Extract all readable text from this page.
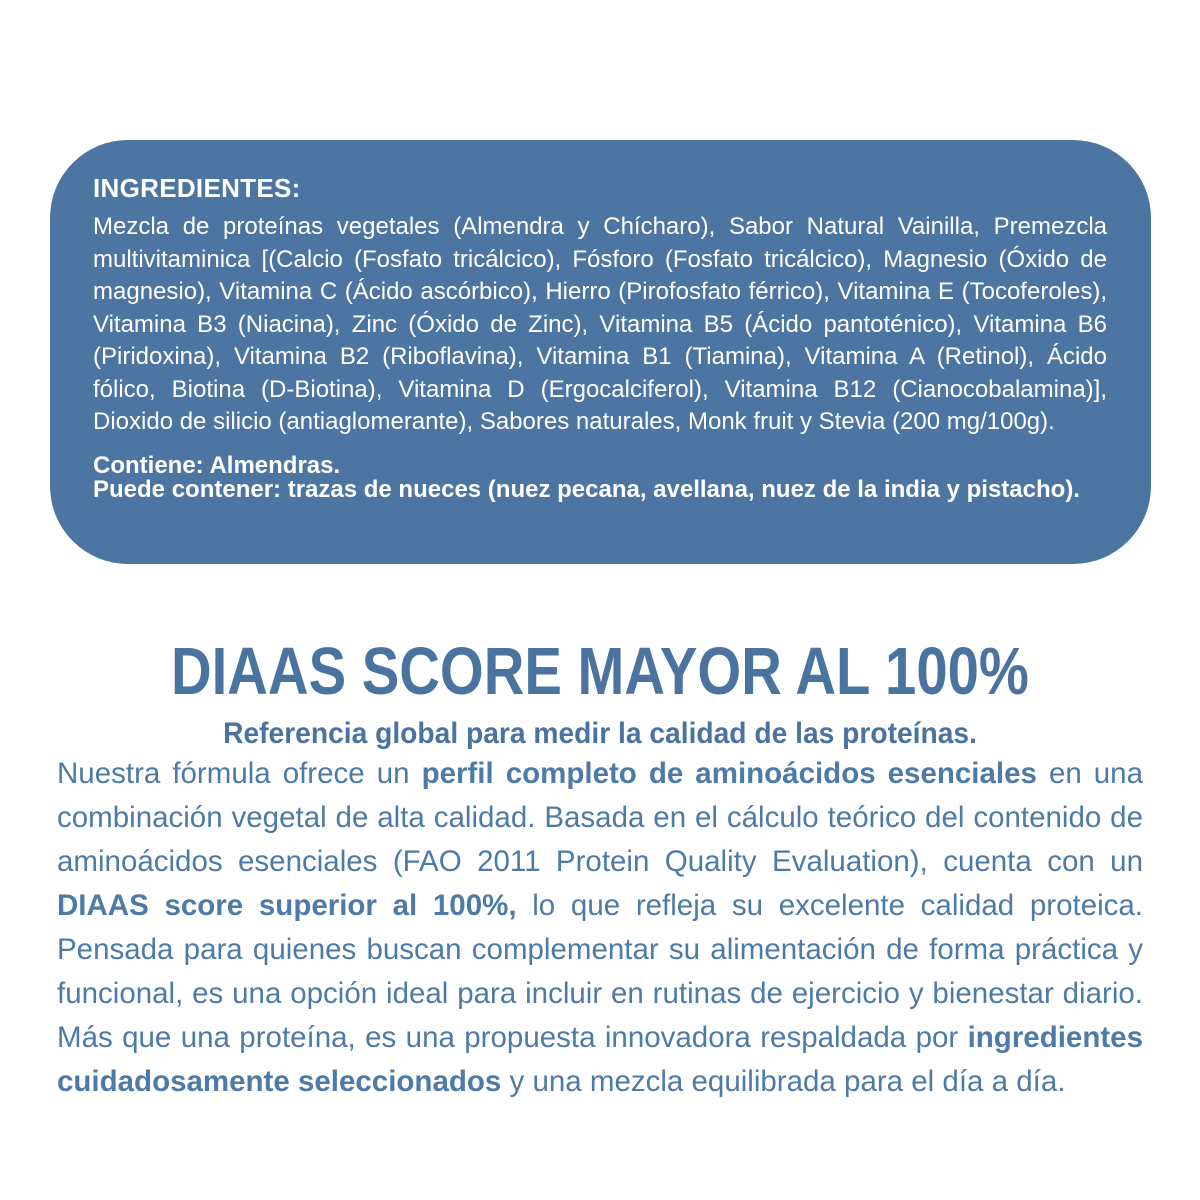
INGREDIENTES:

Mezcla de proteínas vegetales (Almendra y Chícharo), Sabor Natural Vainilla, Premezcla multivitaminica [(Calcio (Fosfato tricálcico), Fósforo (Fosfato tricálcico), Magnesio (Óxido de magnesio), Vitamina C (Ácido ascórbico), Hierro (Pirofosfato férrico), Vitamina E (Tocoferoles), Vitamina B3 (Niacina), Zinc (Óxido de Zinc), Vitamina B5 (Ácido pantoténico), Vitamina B6 (Piridoxina), Vitamina B2 (Riboflavina), Vitamina B1 (Tiamina), Vitamina A (Retinol), Ácido fólico, Biotina (D-Biotina), Vitamina D (Ergocalciferol), Vitamina B12 (Cianocobalamina)], Dioxido de silicio (antiaglomerante), Sabores naturales, Monk fruit y Stevia (200 mg/100g).

Contiene: Almendras.

Puede contener: trazas de nueces (nuez pecana, avellana, nuez de la india y pistacho).

DIAAS SCORE MAYOR AL 100%
Referencia global para medir la calidad de las proteínas.

Nuestra fórmula ofrece un perfil completo de aminoácidos esenciales en una combinación vegetal de alta calidad. Basada en el cálculo teórico del contenido de aminoácidos esenciales (FAO 2011 Protein Quality Evaluation), cuenta con un DIAAS score superior al 100%, lo que refleja su excelente calidad proteica. Pensada para quienes buscan complementar su alimentación de forma práctica y funcional, es una opción ideal para incluir en rutinas de ejercicio y bienestar diario. Más que una proteína, es una propuesta innovadora respaldada por ingredientes cuidadosamente seleccionados y una mezcla equilibrada para el día a día.
